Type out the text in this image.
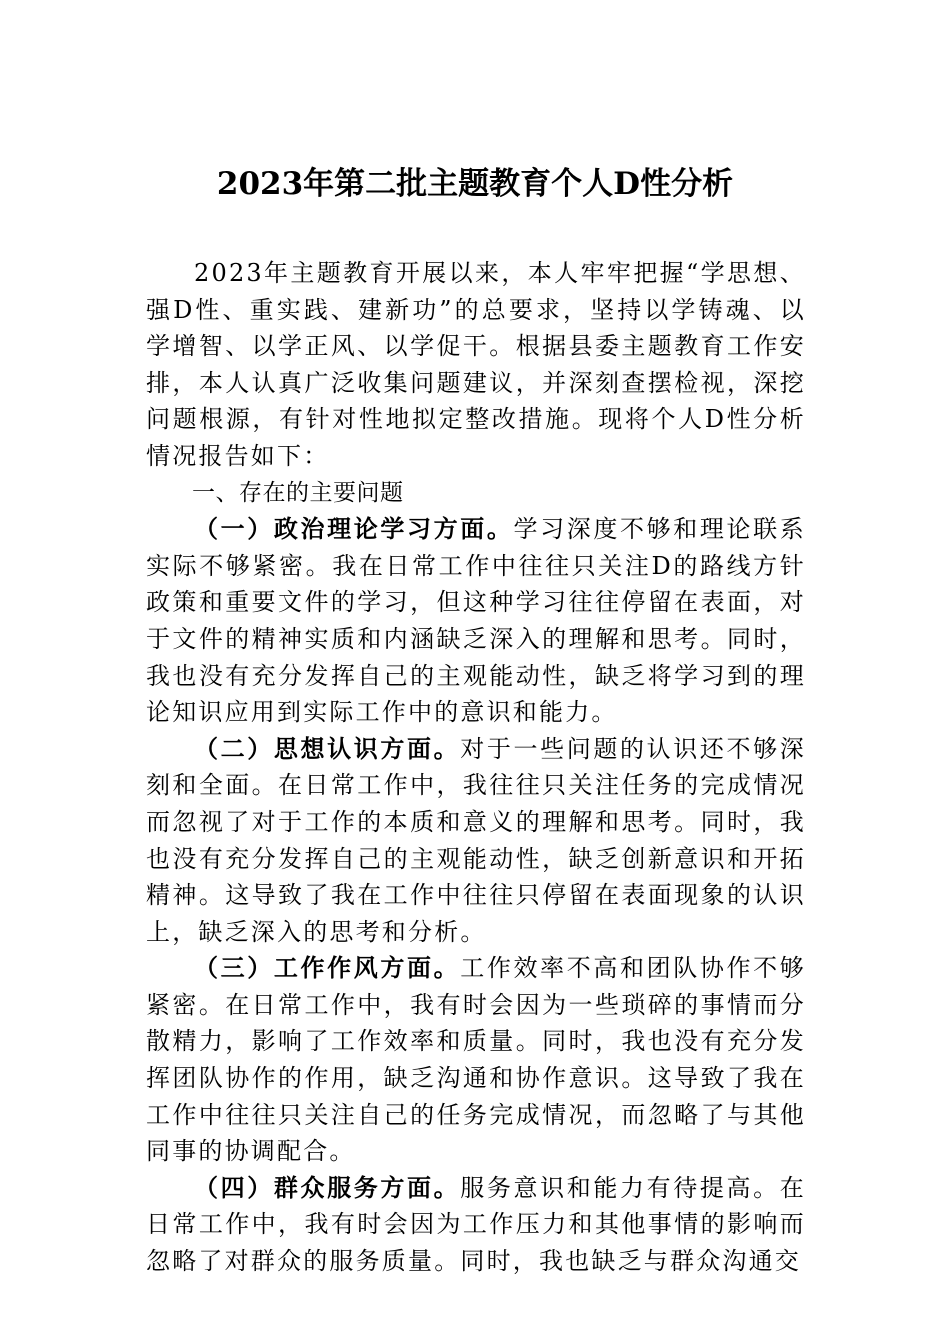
2023年第二批主题教育个人D性分析

2023年主题教育开展以来，本人牢牢把握“学思想、强D性、重实践、建新功”的总要求，坚持以学铸魂、以学增智、以学正风、以学促干。根据县委主题教育工作安排，本人认真广泛收集问题建议，并深刻查摆检视，深挖问题根源，有针对性地拟定整改措施。现将个人D性分析情况报告如下：

一、存在的主要问题

（一）政治理论学习方面。学习深度不够和理论联系实际不够紧密。我在日常工作中往往只关注D的路线方针政策和重要文件的学习，但这种学习往往停留在表面，对于文件的精神实质和内涵缺乏深入的理解和思考。同时，我也没有充分发挥自己的主观能动性，缺乏将学习到的理论知识应用到实际工作中的意识和能力。

（二）思想认识方面。对于一些问题的认识还不够深刻和全面。在日常工作中，我往往只关注任务的完成情况而忽视了对于工作的本质和意义的理解和思考。同时，我也没有充分发挥自己的主观能动性，缺乏创新意识和开拓精神。这导致了我在工作中往往只停留在表面现象的认识上，缺乏深入的思考和分析。

（三）工作作风方面。工作效率不高和团队协作不够紧密。在日常工作中，我有时会因为一些琐碎的事情而分散精力，影响了工作效率和质量。同时，我也没有充分发挥团队协作的作用，缺乏沟通和协作意识。这导致了我在工作中往往只关注自己的任务完成情况，而忽略了与其他同事的协调配合。

（四）群众服务方面。服务意识和能力有待提高。在日常工作中，我有时会因为工作压力和其他事情的影响而忽略了对群众的服务质量。同时，我也缺乏与群众沟通交
